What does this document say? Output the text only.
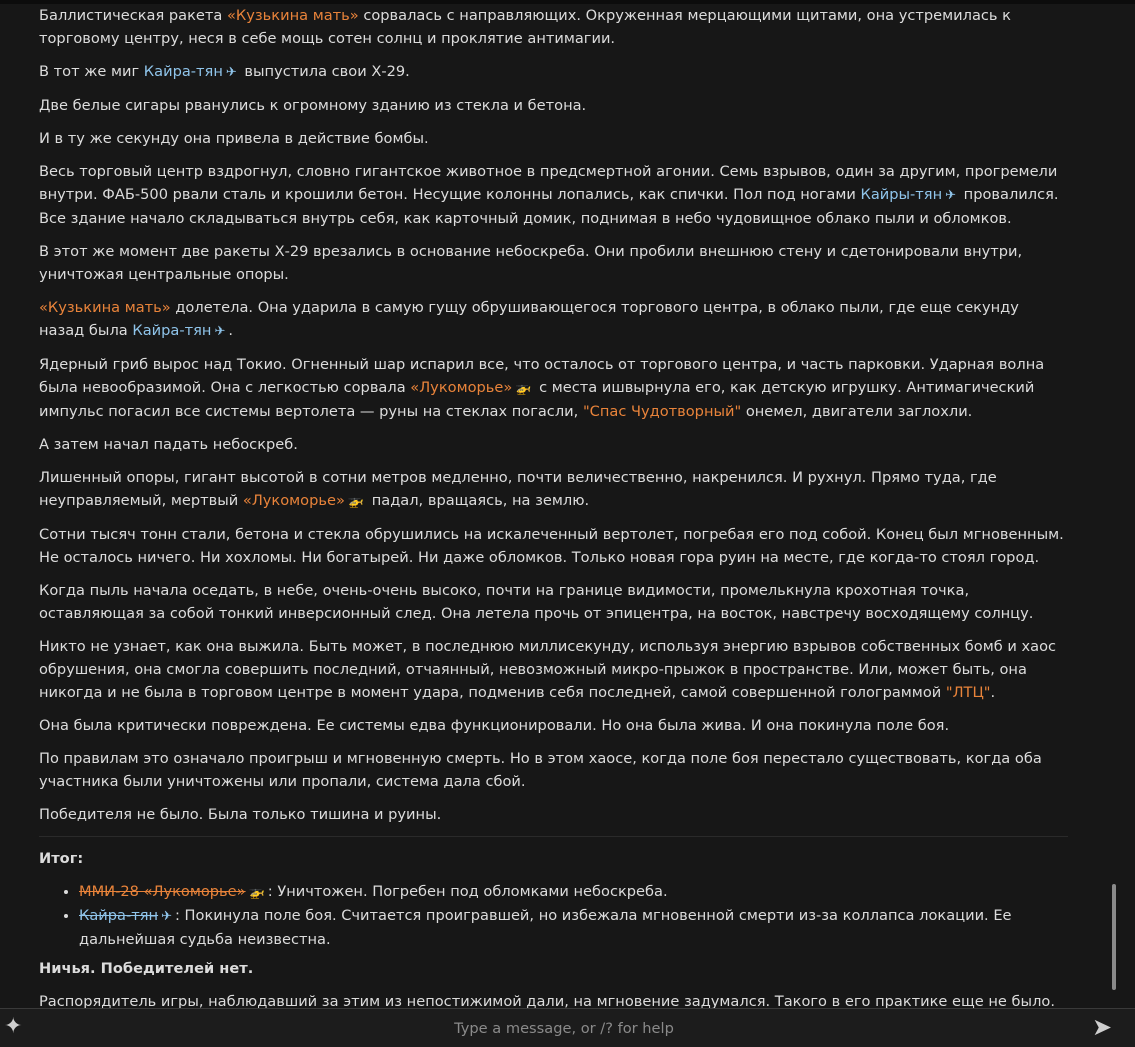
Баллистическая ракета «Кузькина мать» сорвалась с направляющих. Окруженная мерцающими щитами, она устремилась к торговому центру, неся в себе мощь сотен солнц и проклятие антимагии.

В тот же миг Кайра-тян ✈ выпустила свои Х-29.

Две белые сигары рванулись к огромному зданию из стекла и бетона.

И в ту же секунду она привела в действие бомбы.

Весь торговый центр вздрогнул, словно гигантское животное в предсмертной агонии. Семь взрывов, один за другим, прогремели внутри. ФАБ-500 рвали сталь и крошили бетон. Несущие колонны лопались, как спички. Пол под ногами Кайры-тян ✈ провалился. Все здание начало складываться внутрь себя, как карточный домик, поднимая в небо чудовищное облако пыли и обломков.

В этот же момент две ракеты Х-29 врезались в основание небоскреба. Они пробили внешнюю стену и сдетонировали внутри, уничтожая центральные опоры.

«Кузькина мать» долетела. Она ударила в самую гущу обрушивающегося торгового центра, в облако пыли, где еще секунду назад была Кайра-тян ✈ .

Ядерный гриб вырос над Токио. Огненный шар испарил все, что осталось от торгового центра, и часть парковки. Ударная волна была невообразимой. Она с легкостью сорвала «Лукоморье» 🚁 с места ишвырнула его, как детскую игрушку. Антимагический импульс погасил все системы вертолета — руны на стеклах погасли, "Спас Чудотворный" онемел, двигатели заглохли.

А затем начал падать небоскреб.

Лишенный опоры, гигант высотой в сотни метров медленно, почти величественно, накренился. И рухнул. Прямо туда, где неуправляемый, мертвый «Лукоморье» 🚁 падал, вращаясь, на землю.

Сотни тысяч тонн стали, бетона и стекла обрушились на искалеченный вертолет, погребая его под собой. Конец был мгновенным. Не осталось ничего. Ни хохломы. Ни богатырей. Ни даже обломков. Только новая гора руин на месте, где когда-то стоял город.

Когда пыль начала оседать, в небе, очень-очень высоко, почти на границе видимости, промелькнула крохотная точка, оставляющая за собой тонкий инверсионный след. Она летела прочь от эпицентра, на восток, навстречу восходящему солнцу.

Никто не узнает, как она выжила. Быть может, в последнюю миллисекунду, используя энергию взрывов собственных бомб и хаос обрушения, она смогла совершить последний, отчаянный, невозможный микро-прыжок в пространстве. Или, может быть, она никогда и не была в торговом центре в момент удара, подменив себя последней, самой совершенной голограммой "ЛТЦ".

Она была критически повреждена. Ее системы едва функционировали. Но она была жива. И она покинула поле боя.

По правилам это означало проигрыш и мгновенную смерть. Но в этом хаосе, когда поле боя перестало существовать, когда оба участника были уничтожены или пропали, система дала сбой.

Победителя не было. Была только тишина и руины.

Итог:

• ММИ-28 «Лукоморье» 🚁 : Уничтожен. Погребен под обломками небоскреба.
• Кайра-тян ✈ : Покинула поле боя. Считается проигравшей, но избежала мгновенной смерти из-за коллапса локации. Ее дальнейшая судьба неизвестна.

Ничья. Победителей нет.

Распорядитель игры, наблюдавший за этим из непостижимой дали, на мгновение задумался. Такого в его практике еще не было.

✦
Type a message, or /? for help	➤
